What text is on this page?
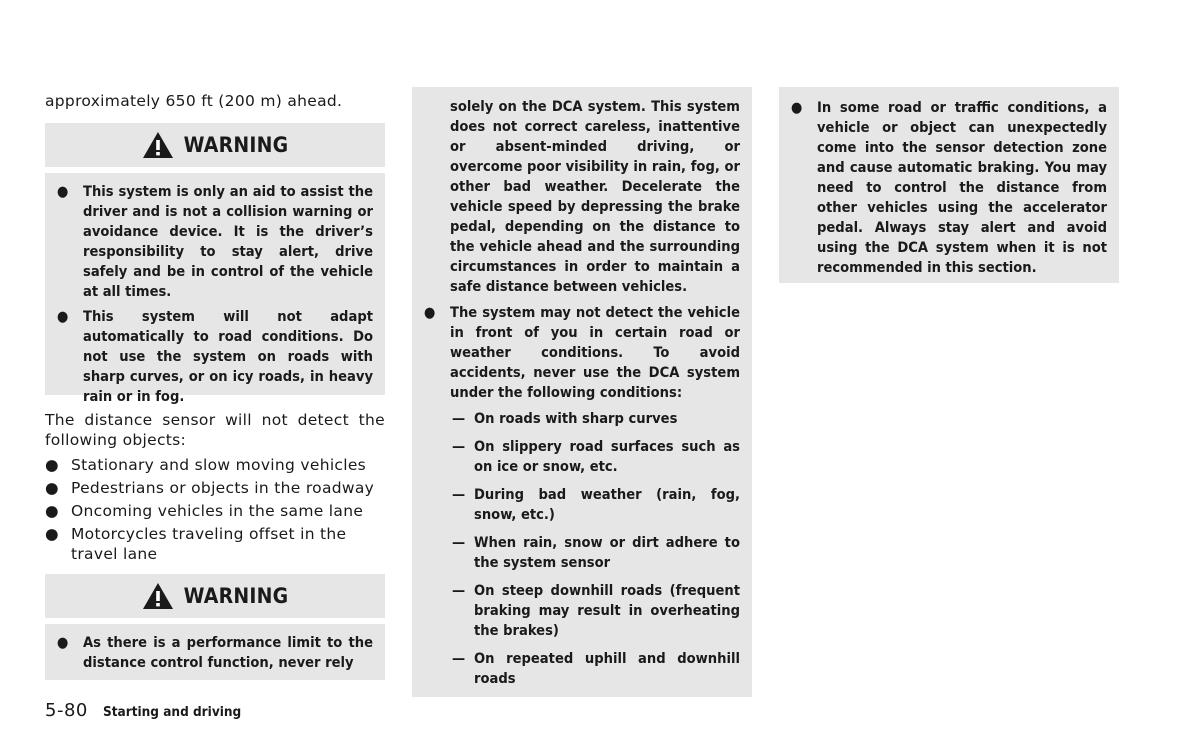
approximately 650 ft (200 m) ahead.
WARNING
● This system is only an aid to assist the driver and is not a collision warning or avoidance device. It is the driver’s responsibility to stay alert, drive safely and be in control of the vehicle at all times.
● This system will not adapt automatically to road conditions. Do not use the system on roads with sharp curves, or on icy roads, in heavy rain or in fog.
The distance sensor will not detect the following objects:
● Stationary and slow moving vehicles
● Pedestrians or objects in the roadway
● Oncoming vehicles in the same lane
● Motorcycles traveling offset in the travel lane
WARNING
● As there is a performance limit to the distance control function, never rely
solely on the DCA system. This system does not correct careless, inattentive or absent-minded driving, or overcome poor visibility in rain, fog, or other bad weather. Decelerate the vehicle speed by depressing the brake pedal, depending on the distance to the vehicle ahead and the surrounding circumstances in order to maintain a safe distance between vehicles.
● The system may not detect the vehicle in front of you in certain road or weather conditions. To avoid accidents, never use the DCA system under the following conditions:
— On roads with sharp curves
— On slippery road surfaces such as on ice or snow, etc.
— During bad weather (rain, fog, snow, etc.)
— When rain, snow or dirt adhere to the system sensor
— On steep downhill roads (frequent braking may result in overheating the brakes)
— On repeated uphill and downhill roads
● In some road or traffic conditions, a vehicle or object can unexpectedly come into the sensor detection zone and cause automatic braking. You may need to control the distance from other vehicles using the accelerator pedal. Always stay alert and avoid using the DCA system when it is not recommended in this section.
5-80 Starting and driving
